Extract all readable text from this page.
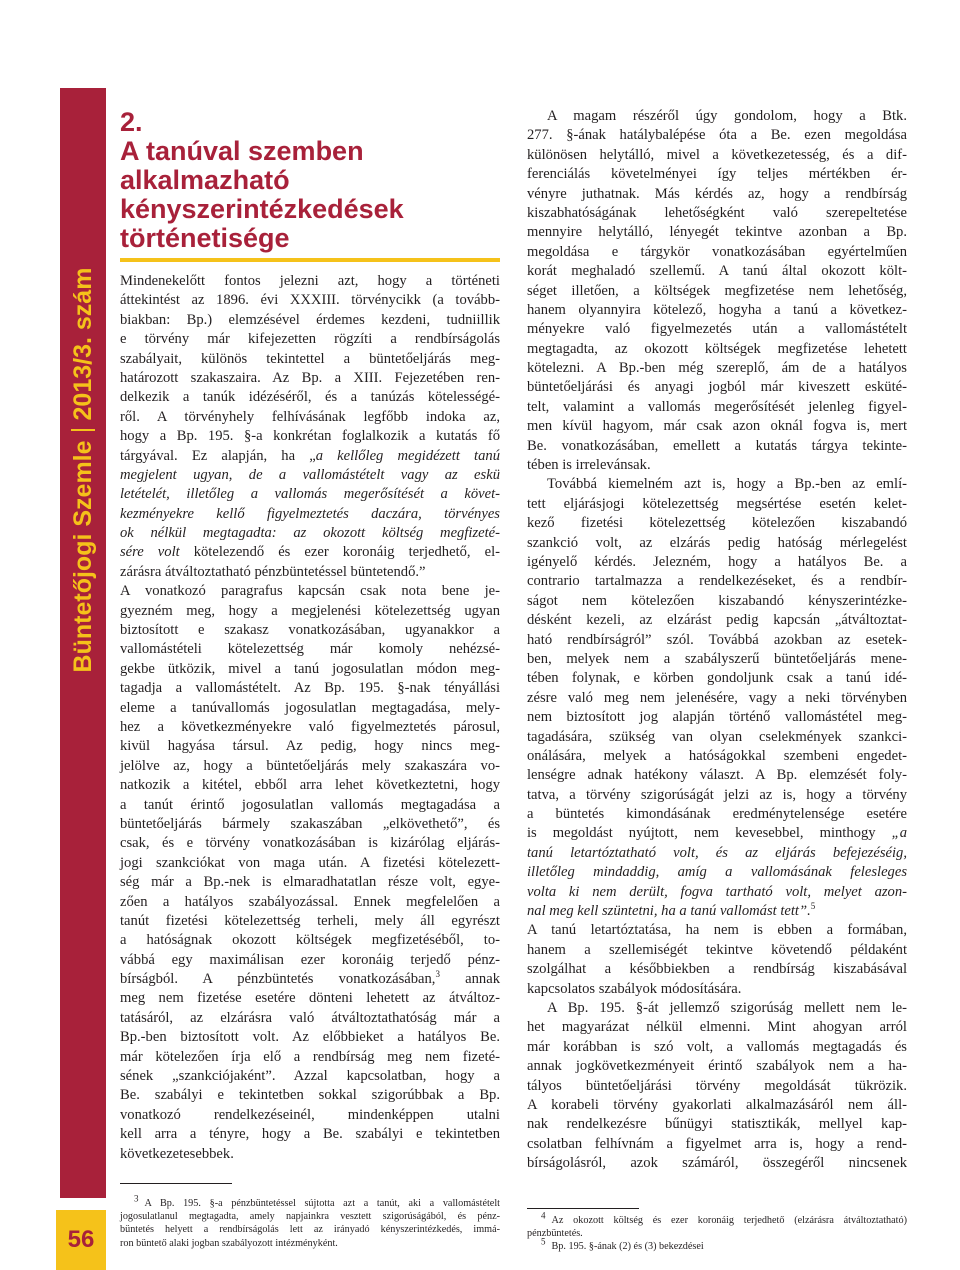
Büntetőjogi Szemle2013/3. szám
56
2.
A tanúval szemben
alkalmazható
kényszerintézkedések
történetisége
Mindenekelőtt fontos jelezni azt, hogy a történeti
áttekintést az 1896. évi XXXIII. törvénycikk (a tovább-
biakban: Bp.) elemzésével érdemes kezdeni, tudniillik
e törvény már kifejezetten rögzíti a rendbírságolás
szabályait, különös tekintettel a büntetőeljárás meg-
határozott szakaszaira. Az Bp. a XIII. Fejezetében ren-
delkezik a tanúk idézéséről, és a tanúzás kötelességé-
ről. A törvényhely felhívásának legfőbb indoka az,
hogy a Bp. 195. §-a konkrétan foglalkozik a kutatás fő
tárgyával. Ez alapján, ha „a kellőleg megidézett tanú
megjelent ugyan, de a vallomástételt vagy az eskü
letételét, illetőleg a vallomás megerősítését a követ-
kezményekre kellő figyelmeztetés daczára, törvényes
ok nélkül megtagadta: az okozott költség megfizeté-
sére volt kötelezendő és ezer koronáig terjedhető, el-
zárásra átváltoztatható pénzbüntetéssel büntetendő.”
A vonatkozó paragrafus kapcsán csak nota bene je-
gyezném meg, hogy a megjelenési kötelezettség ugyan
biztosított e szakasz vonatkozásában, ugyanakkor a
vallomástételi kötelezettség már komoly nehézsé-
gekbe ütközik, mivel a tanú jogosulatlan módon meg-
tagadja a vallomástételt. Az Bp. 195. §-nak tényállási
eleme a tanúvallomás jogosulatlan megtagadása, mely-
hez a következményekre való figyelmeztetés párosul,
kivül hagyása társul. Az pedig, hogy nincs meg-
jelölve az, hogy a büntetőeljárás mely szakaszára vo-
natkozik a kitétel, ebből arra lehet következtetni, hogy
a tanút érintő jogosulatlan vallomás megtagadása a
büntetőeljárás bármely szakaszában „elkövethető”, és
csak, és e törvény vonatkozásában is kizárólag eljárás-
jogi szankciókat von maga után. A fizetési kötelezett-
ség már a Bp.-nek is elmaradhatatlan része volt, egye-
zően a hatályos szabályozással. Ennek megfelelően a
tanút fizetési kötelezettség terheli, mely áll egyrészt
a hatóságnak okozott költségek megfizetéséből, to-
vábbá egy maximálisan ezer koronáig terjedő pénz-
bírságból. A pénzbüntetés vonatkozásában,$^3$ annak
meg nem fizetése esetére dönteni lehetett az átváltoz-
tatásáról, az elzárásra való átváltoztathatóság már a
Bp.-ben biztosított volt. Az előbbieket a hatályos Be.
már kötelezően írja elő a rendbírság meg nem fizeté-
sének „szankciójaként”. Azzal kapcsolatban, hogy a
Be. szabályi e tekintetben sokkal szigorúbbak a Bp.
vonatkozó rendelkezéseinél, mindenképpen utalni
kell arra a tényre, hogy a Be. szabályi e tekintetben
következetesebbek.
A magam részéről úgy gondolom, hogy a Btk.
277. §-ának hatálybalépése óta a Be. ezen megoldása
különösen helytálló, mivel a következetesség, és a dif-
ferenciálás követelményei így teljes mértékben ér-
vényre juthatnak. Más kérdés az, hogy a rendbírság
kiszabhatóságának lehetőségként való szerepeltetése
mennyire helytálló, lényegét tekintve azonban a Bp.
megoldása e tárgykör vonatkozásában egyértelműen
korát meghaladó szellemű. A tanú által okozott költ-
séget illetően, a költségek megfizetése nem lehetőség,
hanem olyannyira kötelező, hogyha a tanú a következ-
ményekre való figyelmezetés után a vallomástételt
megtagadta, az okozott költségek megfizetése lehetett
kötelezni. A Bp.-ben még szereplő, ám de a hatályos
büntetőeljárási és anyagi jogból már kiveszett esküté-
telt, valamint a vallomás megerősítését jelenleg figyel-
men kívül hagyom, már csak azon oknál fogva is, mert
Be. vonatkozásában, emellett a kutatás tárgya tekinte-
tében is irrelevánsak.
Továbbá kiemelném azt is, hogy a Bp.-ben az emlí-
tett eljárásjogi kötelezettség megsértése esetén kelet-
kező fizetési kötelezettség kötelezően kiszabandó
szankció volt, az elzárás pedig hatóság mérlegelést
igényelő kérdés. Jelezném, hogy a hatályos Be. a
contrario tartalmazza a rendelkezéseket, és a rendbír-
ságot nem kötelezően kiszabandó kényszerintézke-
désként kezeli, az elzárást pedig kapcsán „átváltoztat-
ható rendbírságról” szól. Továbbá azokban az esetek-
ben, melyek nem a szabályszerű büntetőeljárás mene-
tében folynak, e körben gondoljunk csak a tanú idé-
zésre való meg nem jelenésére, vagy a neki törvényben
nem biztosított jog alapján történő vallomástétel meg-
tagadására, szükség van olyan cselekmények szankci-
onálására, melyek a hatóságokkal szembeni engedet-
lenségre adnak hatékony választ. A Bp. elemzését foly-
tatva, a törvény szigorúságát jelzi az is, hogy a törvény
a büntetés kimondásának eredménytelensége esetére
is megoldást nyújtott, nem kevesebbel, minthogy „a
tanú letartóztatható volt, és az eljárás befejezéséig,
illetőleg mindaddig, amíg a vallomásának felesleges
volta ki nem derült, fogva tartható volt, melyet azon-
nal meg kell szüntetni, ha a tanú vallomást tett”.$^5$
A tanú letartóztatása, ha nem is ebben a formában,
hanem a szellemiségét tekintve követendő példaként
szolgálhat a későbbiekben a rendbírság kiszabásával
kapcsolatos szabályok módosítására.
A Bp. 195. §-át jellemző szigorúság mellett nem le-
het magyarázat nélkül elmenni. Mint ahogyan arról
már korábban is szó volt, a vallomás megtagadás és
annak jogkövetkezményeit érintő szabályok nem a ha-
tályos büntetőeljárási törvény megoldását tükrözik.
A korabeli törvény gyakorlati alkalmazásáról nem áll-
nak rendelkezésre bűnügyi statisztikák, mellyel kap-
csolatban felhívnám a figyelmet arra is, hogy a rend-
bírságolásról, azok számáról, összegéről nincsenek
$^3$ A Bp. 195. §-a pénzbüntetéssel sújtotta azt a tanút, aki a vallomástételt
jogosulatlanul megtagadta, amely napjainkra vesztett szigorúságából, és pénz-
büntetés helyett a rendbírságolás lett az irányadó kényszerintézkedés, immá-
ron büntető alaki jogban szabályozott intézményként.
$^4$ Az okozott költség és ezer koronáig terjedhető (elzárásra átváltoztatható)
pénzbüntetés.
$^5$ Bp. 195. §-ának (2) és (3) bekezdései
